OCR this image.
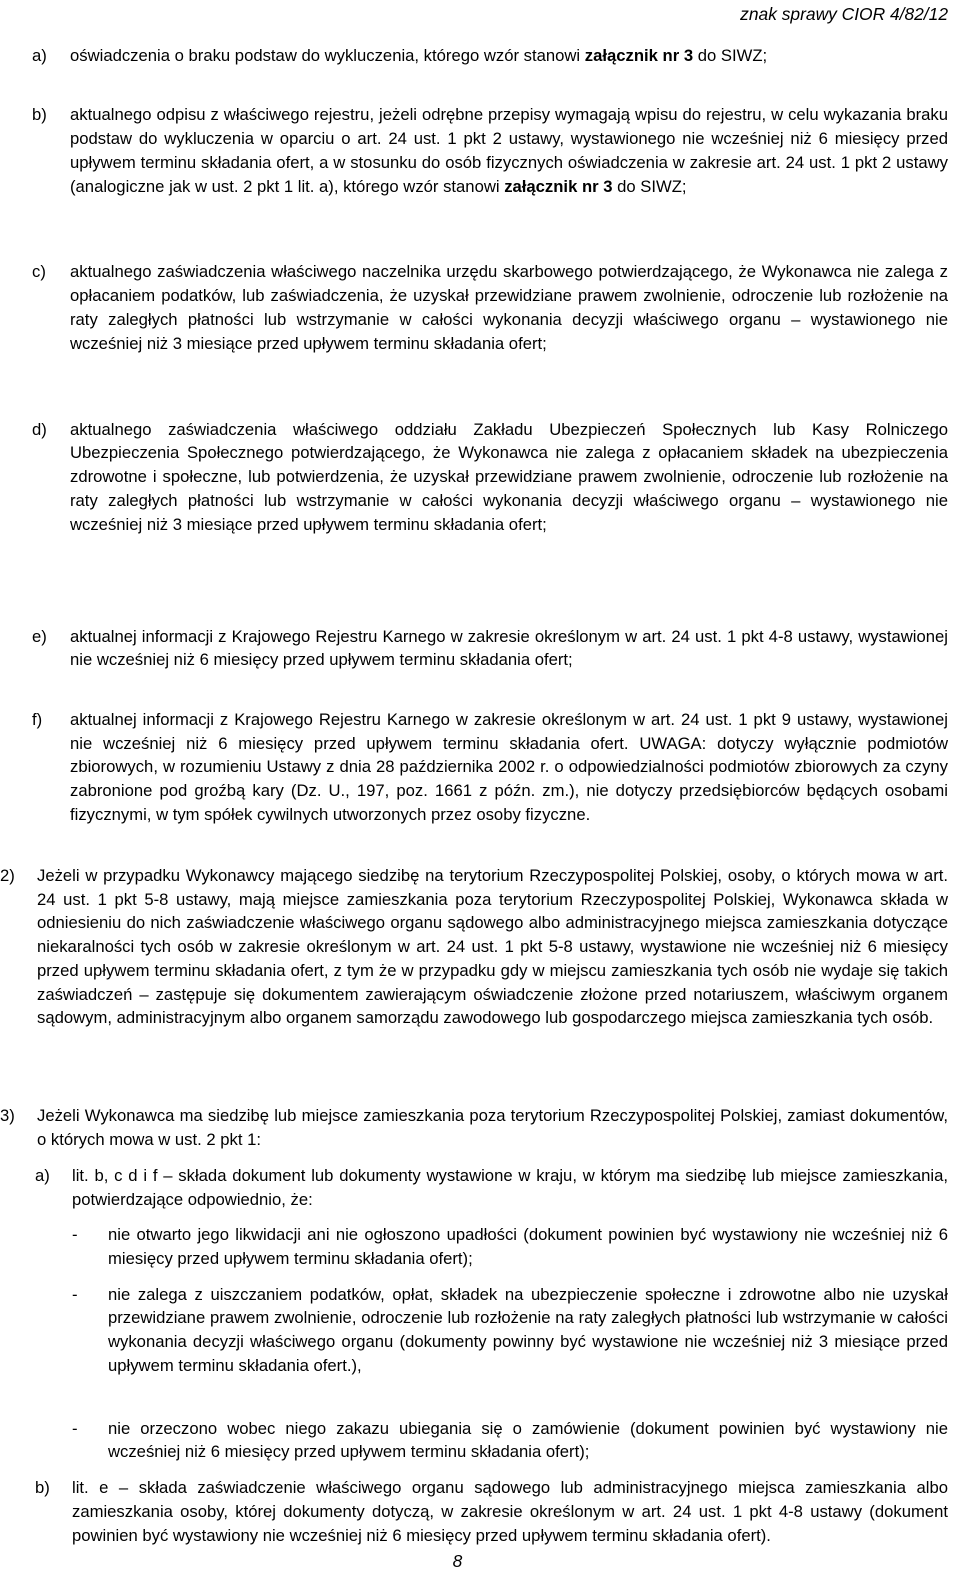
znak sprawy CIOR 4/82/12
a) oświadczenia o braku podstaw do wykluczenia, którego wzór stanowi załącznik nr 3 do SIWZ;
b) aktualnego odpisu z właściwego rejestru, jeżeli odrębne przepisy wymagają wpisu do rejestru, w celu wykazania braku podstaw do wykluczenia w oparciu o art. 24 ust. 1 pkt 2 ustawy, wystawionego nie wcześniej niż 6 miesięcy przed upływem terminu składania ofert, a w stosunku do osób fizycznych oświadczenia w zakresie art. 24 ust. 1 pkt 2 ustawy (analogiczne jak w ust. 2 pkt 1 lit. a), którego wzór stanowi załącznik nr 3 do SIWZ;
c) aktualnego zaświadczenia właściwego naczelnika urzędu skarbowego potwierdzającego, że Wykonawca nie zalega z opłacaniem podatków, lub zaświadczenia, że uzyskał przewidziane prawem zwolnienie, odroczenie lub rozłożenie na raty zaległych płatności lub wstrzymanie w całości wykonania decyzji właściwego organu – wystawionego nie wcześniej niż 3 miesiące przed upływem terminu składania ofert;
d) aktualnego zaświadczenia właściwego oddziału Zakładu Ubezpieczeń Społecznych lub Kasy Rolniczego Ubezpieczenia Społecznego potwierdzającego, że Wykonawca nie zalega z opłacaniem składek na ubezpieczenia zdrowotne i społeczne, lub potwierdzenia, że uzyskał przewidziane prawem zwolnienie, odroczenie lub rozłożenie na raty zaległych płatności lub wstrzymanie w całości wykonania decyzji właściwego organu – wystawionego nie wcześniej niż 3 miesiące przed upływem terminu składania ofert;
e) aktualnej informacji z Krajowego Rejestru Karnego w zakresie określonym w art. 24 ust. 1 pkt 4-8 ustawy, wystawionej nie wcześniej niż 6 miesięcy przed upływem terminu składania ofert;
f) aktualnej informacji z Krajowego Rejestru Karnego w zakresie określonym w art. 24 ust. 1 pkt 9 ustawy, wystawionej nie wcześniej niż 6 miesięcy przed upływem terminu składania ofert. UWAGA: dotyczy wyłącznie podmiotów zbiorowych, w rozumieniu Ustawy z dnia 28 października 2002 r. o odpowiedzialności podmiotów zbiorowych za czyny zabronione pod groźbą kary (Dz. U., 197, poz. 1661 z późn. zm.), nie dotyczy przedsiębiorców będących osobami fizycznymi, w tym spółek cywilnych utworzonych przez osoby fizyczne.
2) Jeżeli w przypadku Wykonawcy mającego siedzibę na terytorium Rzeczypospolitej Polskiej, osoby, o których mowa w art. 24 ust. 1 pkt 5-8 ustawy, mają miejsce zamieszkania poza terytorium Rzeczypospolitej Polskiej, Wykonawca składa w odniesieniu do nich zaświadczenie właściwego organu sądowego albo administracyjnego miejsca zamieszkania dotyczące niekaralności tych osób w zakresie określonym w art. 24 ust. 1 pkt 5-8 ustawy, wystawione nie wcześniej niż 6 miesięcy przed upływem terminu składania ofert, z tym że w przypadku gdy w miejscu zamieszkania tych osób nie wydaje się takich zaświadczeń – zastępuje się dokumentem zawierającym oświadczenie złożone przed notariuszem, właściwym organem sądowym, administracyjnym albo organem samorządu zawodowego lub gospodarczego miejsca zamieszkania tych osób.
3) Jeżeli Wykonawca ma siedzibę lub miejsce zamieszkania poza terytorium Rzeczypospolitej Polskiej, zamiast dokumentów, o których mowa w ust. 2 pkt 1:
a) lit. b, c d i f – składa dokument lub dokumenty wystawione w kraju, w którym ma siedzibę lub miejsce zamieszkania, potwierdzające odpowiednio, że:
- nie otwarto jego likwidacji ani nie ogłoszono upadłości (dokument powinien być wystawiony nie wcześniej niż 6 miesięcy przed upływem terminu składania ofert);
- nie zalega z uiszczaniem podatków, opłat, składek na ubezpieczenie społeczne i zdrowotne albo nie uzyskał przewidziane prawem zwolnienie, odroczenie lub rozłożenie na raty zaległych płatności lub wstrzymanie w całości wykonania decyzji właściwego organu (dokumenty powinny być wystawione nie wcześniej niż 3 miesiące przed upływem terminu składania ofert.),
- nie orzeczono wobec niego zakazu ubiegania się o zamówienie (dokument powinien być wystawiony nie wcześniej niż 6 miesięcy przed upływem terminu składania ofert);
b) lit. e – składa zaświadczenie właściwego organu sądowego lub administracyjnego miejsca zamieszkania albo zamieszkania osoby, której dokumenty dotyczą, w zakresie określonym w art. 24 ust. 1 pkt 4-8 ustawy (dokument powinien być wystawiony nie wcześniej niż 6 miesięcy przed upływem terminu składania ofert).
8
